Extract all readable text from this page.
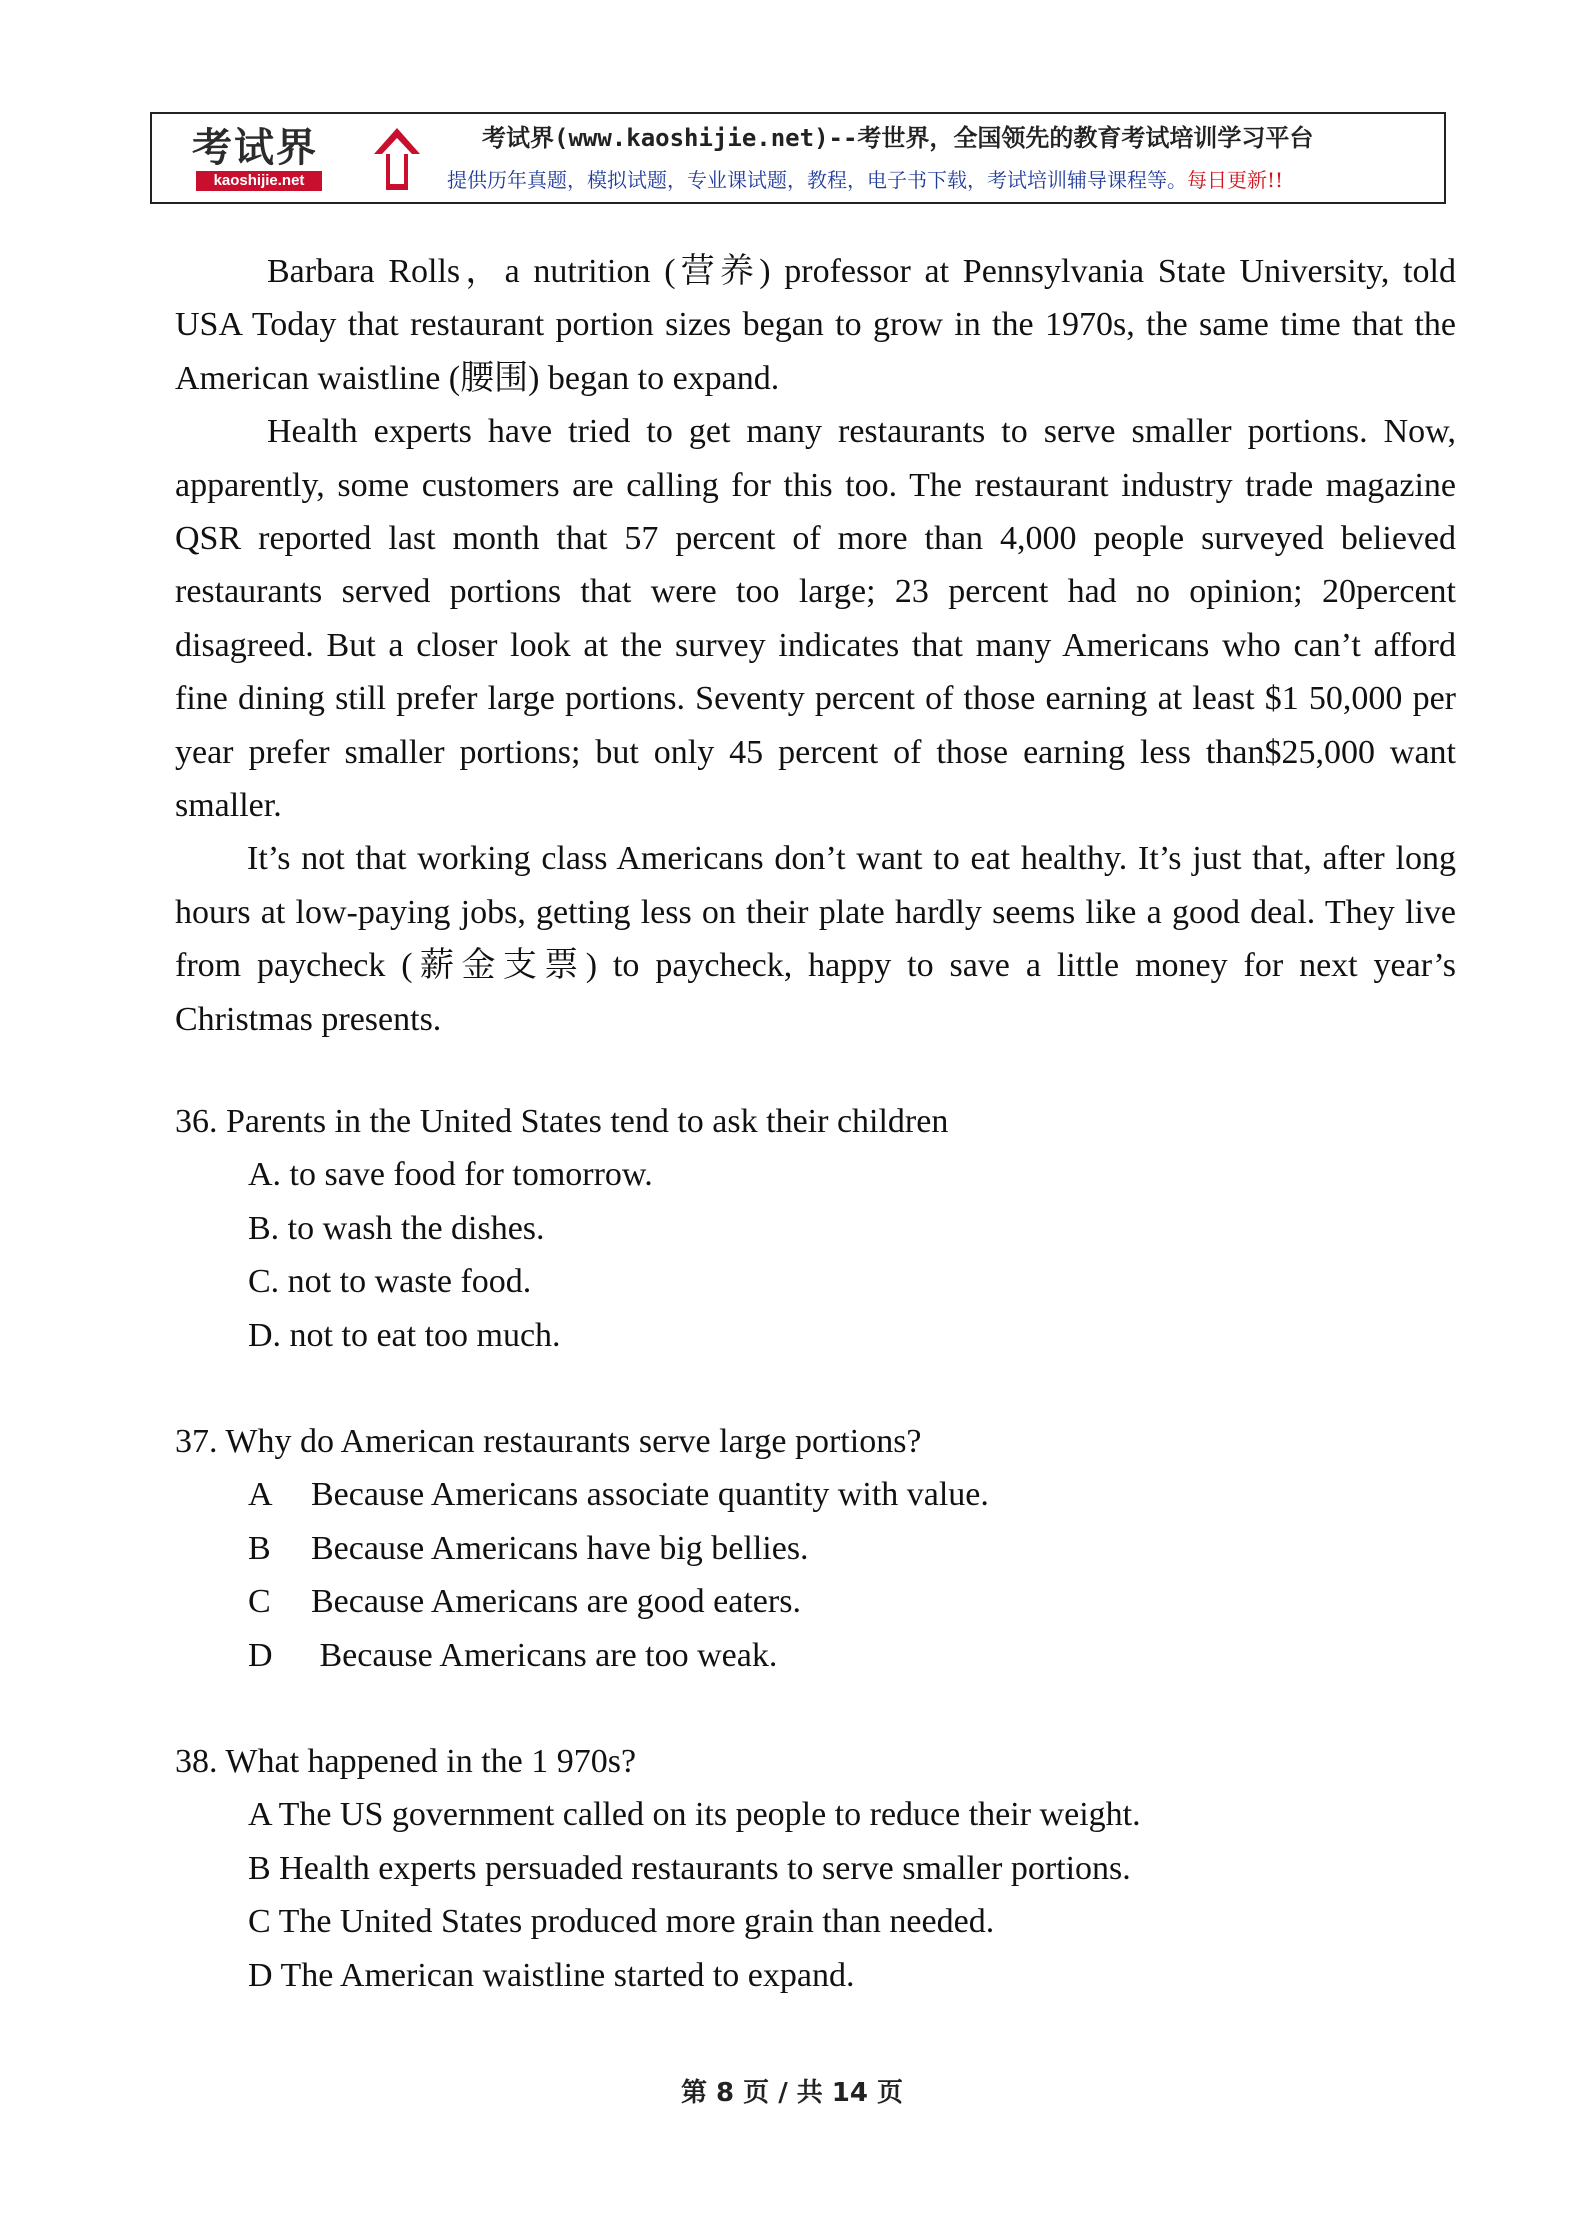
考试界
kaoshijie.net
考试界(www.kaoshijie.net)--考世界，全国领先的教育考试培训学习平台
提供历年真题，模拟试题，专业课试题，教程，电子书下载，考试培训辅导课程等。每日更新!!

Barbara Rolls，a nutrition (营养) professor at Pennsylvania State University, told USA Today that restaurant portion sizes began to grow in the 1970s, the same time that the American waistline (腰围) began to expand.

Health experts have tried to get many restaurants to serve smaller portions. Now, apparently, some customers are calling for this too. The restaurant industry trade magazine QSR reported last month that 57 percent of more than 4,000 people surveyed believed restaurants served portions that were too large; 23 percent had no opinion; 20percent disagreed. But a closer look at the survey indicates that many Americans who can’t afford fine dining still prefer large portions. Seventy percent of those earning at least $1 50,000 per year prefer smaller portions; but only 45 percent of those earning less than$25,000 want smaller.

It’s not that working class Americans don’t want to eat healthy. It’s just that, after long hours at low-paying jobs, getting less on their plate hardly seems like a good deal. They live from paycheck (薪金支票) to paycheck, happy to save a little money for next year’s Christmas presents.

36. Parents in the United States tend to ask their children

A. to save food for tomorrow.

B. to wash the dishes.

C. not to waste food.

D. not to eat too much.

37. Why do American restaurants serve large portions?

A Because Americans associate quantity with value.

B Because Americans have big bellies.

C Because Americans are good eaters.

D Because Americans are too weak.

38. What happened in the 1 970s?

A The US government called on its people to reduce their weight.

B Health experts persuaded restaurants to serve smaller portions.

C The United States produced more grain than needed.

D The American waistline started to expand.

第 8 页 / 共 14 页
